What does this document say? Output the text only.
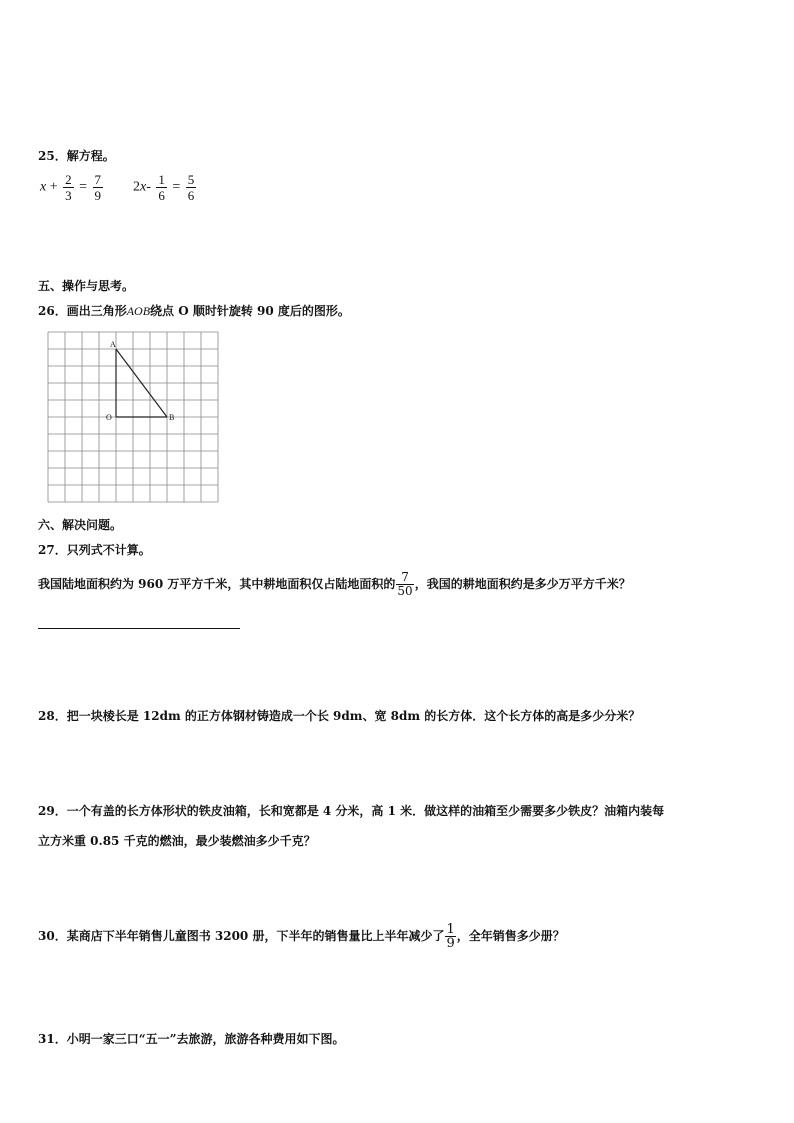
25．解方程。
$x + \frac{2}{3} = \frac{7}{9} 2x- \frac{1}{6} = \frac{5}{6}$
五、操作与思考。
26．画出三角形AOB绕点 O 顺时针旋转 90 度后的图形。
A
O	B
六、解决问题。
27．只列式不计算。
我国陆地面积约为 960 万平方千米，其中耕地面积仅占陆地面积的 $\frac{7}{50}$ ，我国的耕地面积约是多少万平方千米？
28．把一块棱长是 12dm 的正方体钢材铸造成一个长 9dm、宽 8dm 的长方体．这个长方体的高是多少分米？
29．一个有盖的长方体形状的铁皮油箱，长和宽都是 4 分米，高 1 米．做这样的油箱至少需要多少铁皮？油箱内装每
立方米重 0.85 千克的燃油，最少装燃油多少千克？
30．某商店下半年销售儿童图书 3200 册，下半年的销售量比上半年减少了 $\frac{1}{9}$ ，全年销售多少册？
31．小明一家三口“五一”去旅游，旅游各种费用如下图。
